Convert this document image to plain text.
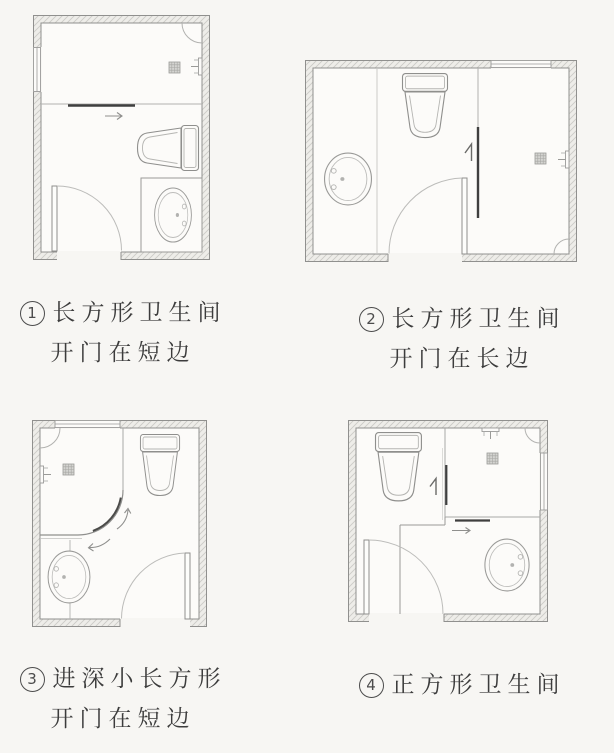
1 长方形卫生间
开门在短边
2 长方形卫生间
开门在长边
3 进深小长方形
开门在短边
4 正方形卫生间
